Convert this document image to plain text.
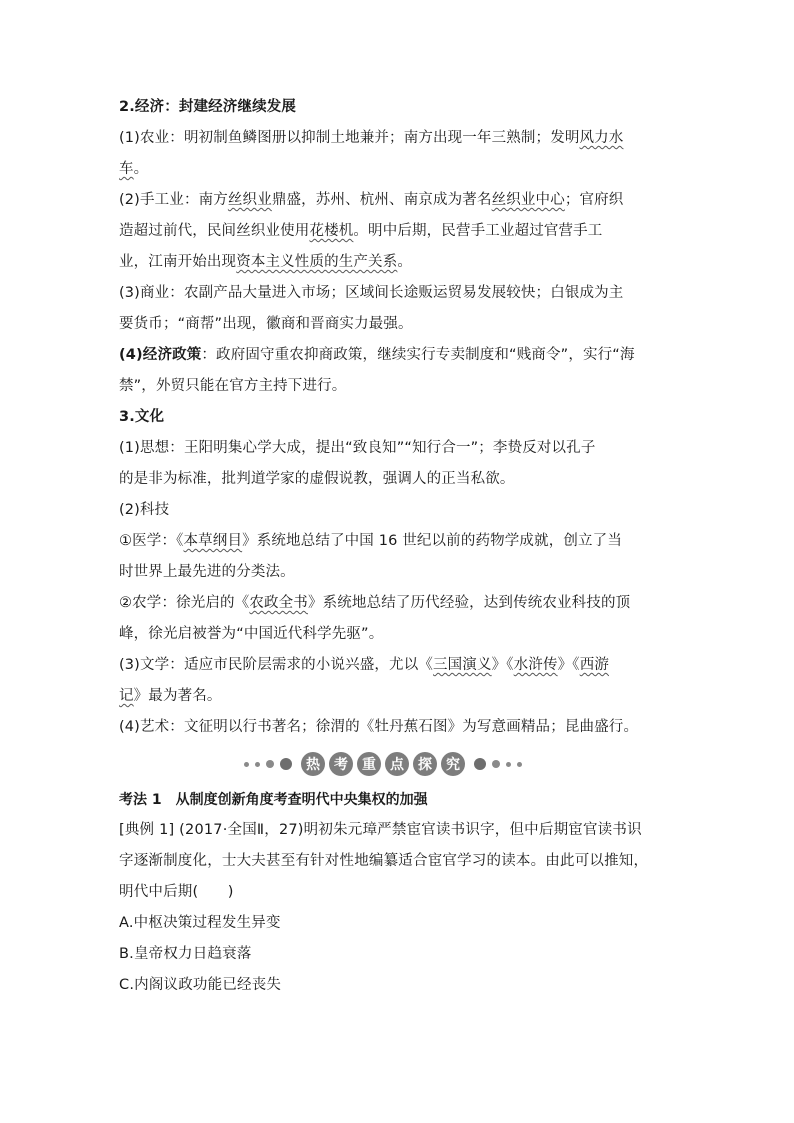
2.经济：封建经济继续发展
(1)农业：明初制鱼鳞图册以抑制土地兼并；南方出现一年三熟制；发明风力水
车。
(2)手工业：南方丝织业鼎盛，苏州、杭州、南京成为著名丝织业中心；官府织
造超过前代，民间丝织业使用花楼机。明中后期，民营手工业超过官营手工
业，江南开始出现资本主义性质的生产关系。
(3)商业：农副产品大量进入市场；区域间长途贩运贸易发展较快；白银成为主
要货币；“商帮”出现，徽商和晋商实力最强。
(4)经济政策：政府固守重农抑商政策，继续实行专卖制度和“贱商令”，实行“海
禁”，外贸只能在官方主持下进行。
3.文化
(1)思想：王阳明集心学大成，提出“致良知”“知行合一”；李贽反对以孔子
的是非为标准，批判道学家的虚假说教，强调人的正当私欲。
(2)科技
①医学：《本草纲目》系统地总结了中国 16 世纪以前的药物学成就，创立了当
时世界上最先进的分类法。
②农学：徐光启的《农政全书》系统地总结了历代经验，达到传统农业科技的顶
峰，徐光启被誉为“中国近代科学先驱”。
(3)文学：适应市民阶层需求的小说兴盛，尤以《三国演义》《水浒传》《西游
记》最为著名。
(4)艺术：文征明以行书著名；徐渭的《牡丹蕉石图》为写意画精品；昆曲盛行。
热	考	重	点	探	究
考法 1　从制度创新角度考查明代中央集权的加强
[典例 1] (2017·全国Ⅱ，27)明初朱元璋严禁宦官读书识字，但中后期宦官读书识
字逐渐制度化，士大夫甚至有针对性地编纂适合宦官学习的读本。由此可以推知，
明代中后期(　　)
A.中枢决策过程发生异变
B.皇帝权力日趋衰落
C.内阁议政功能已经丧失
